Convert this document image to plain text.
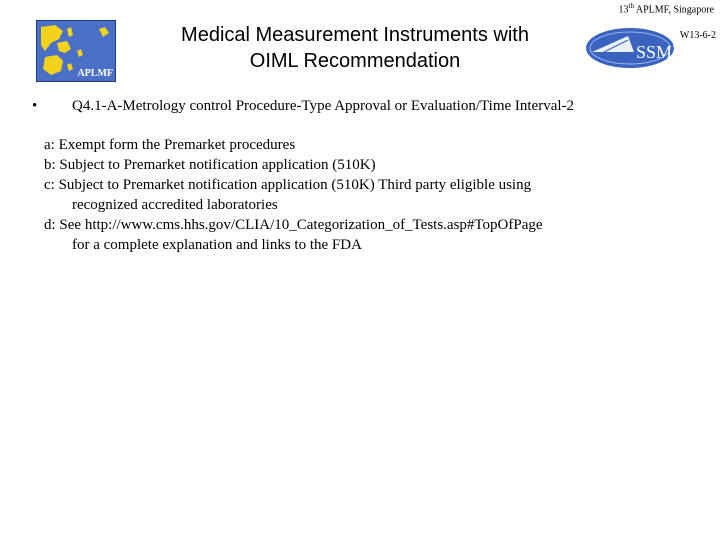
13th APLMF, Singapore
W13-6-2
APLMF
Medical Measurement Instruments with
OIML Recommendation	SSMI
• Q4.1-A-Metrology control Procedure-Type Approval or Evaluation/Time Interval-2

a: Exempt form the Premarket procedures

b: Subject to Premarket notification application (510K)

c: Subject to Premarket notification application (510K) Third party eligible using
recognized accredited laboratories

d: See http://www.cms.hhs.gov/CLIA/10_Categorization_of_Tests.asp#TopOfPage
for a complete explanation and links to the FDA
